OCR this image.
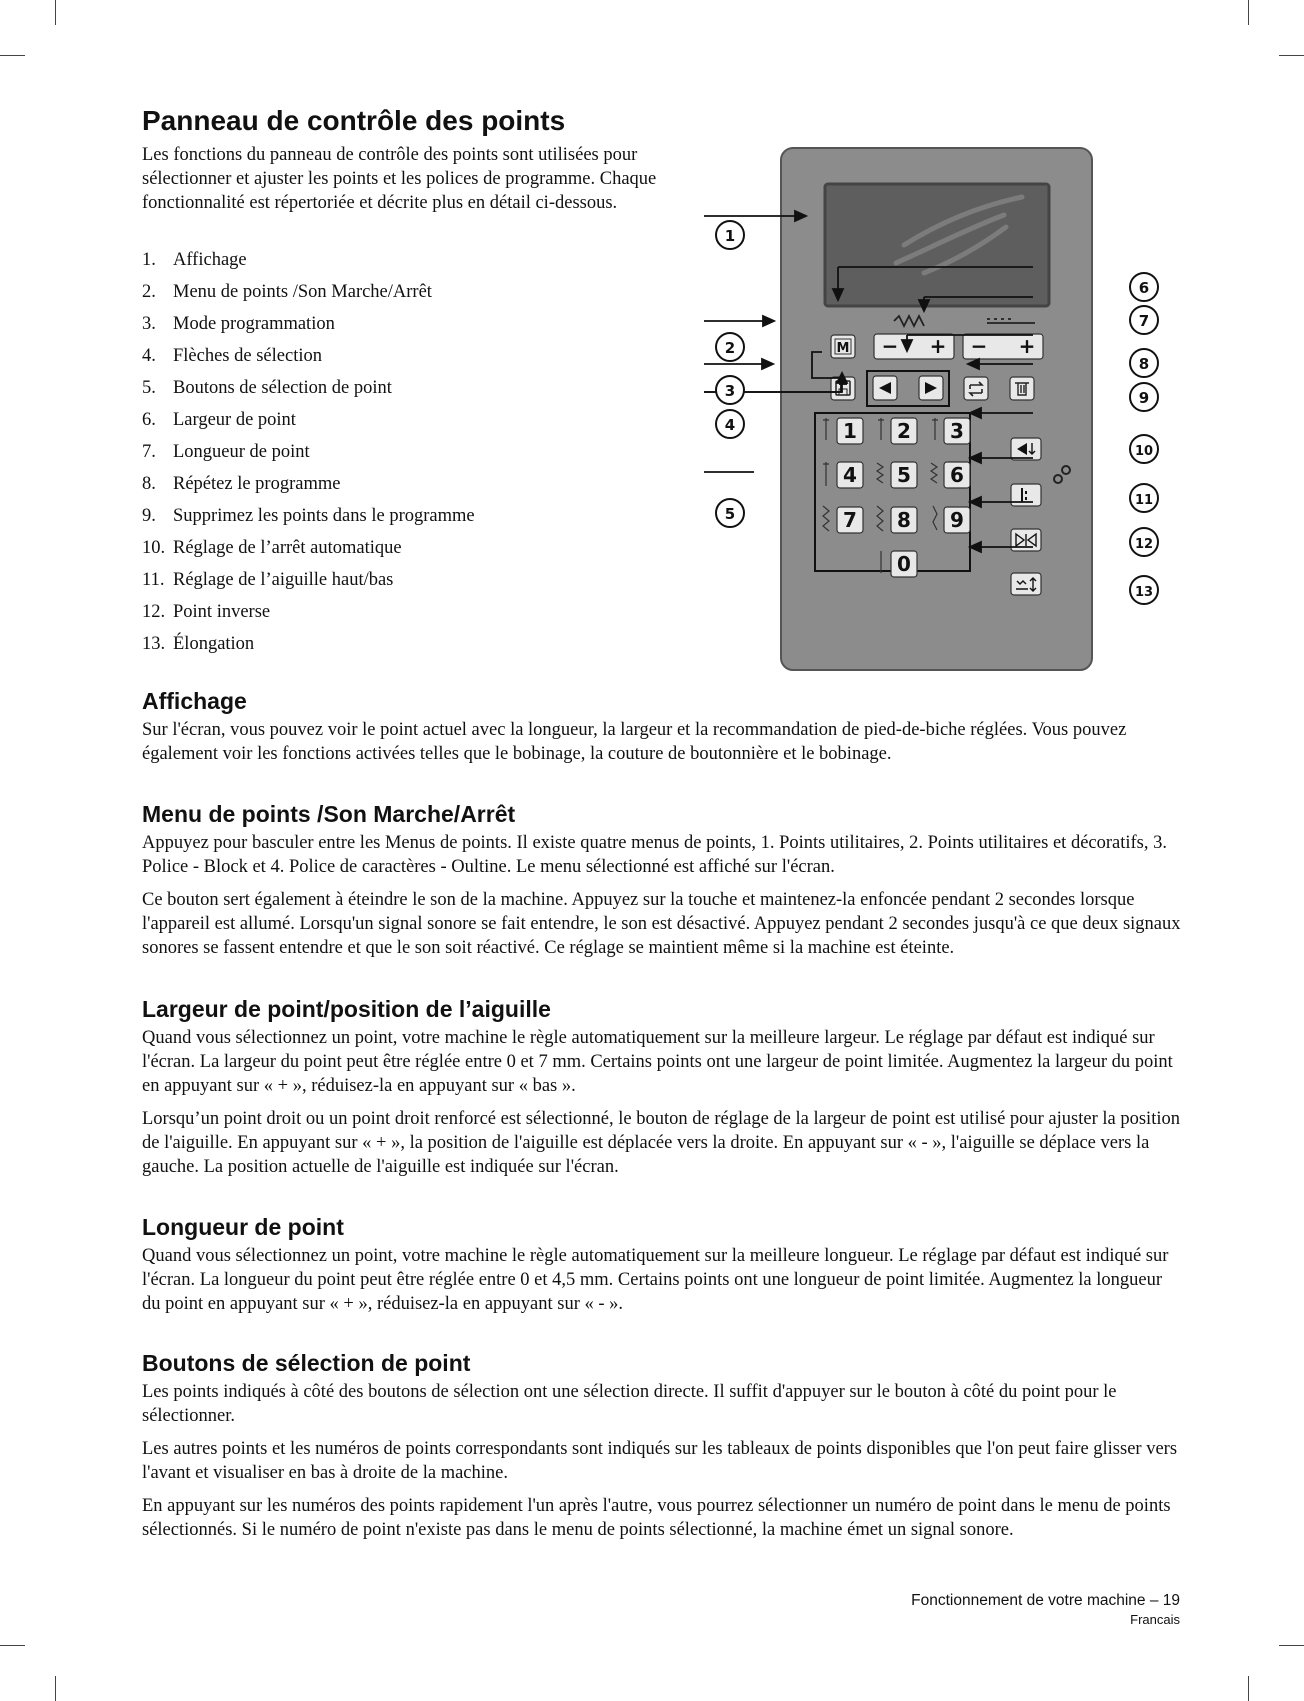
Panneau de contrôle des points

Les fonctions du panneau de contrôle des points sont utilisées pour sélectionner et ajuster les points et les polices de programme. Chaque fonctionnalité est répertoriée et décrite plus en détail ci-dessous.

1. Affichage
2. Menu de points /Son Marche/Arrêt
3. Mode programmation
4. Flèches de sélection
5. Boutons de sélection de point
6. Largeur de point
7. Longueur de point
8. Répétez le programme
9. Supprimez les points dans le programme
10. Réglage de l’arrêt automatique
11. Réglage de l’aiguille haut/bas
12. Point inverse
13. Élongation
M − + − +
1 2 3
4 5 6
7 8 9
0
1
2
3
4
5
6
7
8
9
10
11
12
13
Affichage

Sur l'écran, vous pouvez voir le point actuel avec la longueur, la largeur et la recommandation de pied-de-biche réglées. Vous pouvez également voir les fonctions activées telles que le bobinage, la couture de boutonnière et le bobinage.

Menu de points /Son Marche/Arrêt

Appuyez pour basculer entre les Menus de points. Il existe quatre menus de points, 1. Points utilitaires, 2. Points utilitaires et décoratifs, 3. Police - Block et 4. Police de caractères - Oultine. Le menu sélectionné est affiché sur l'écran.

Ce bouton sert également à éteindre le son de la machine. Appuyez sur la touche et maintenez-la enfoncée pendant 2 secondes lorsque l'appareil est allumé. Lorsqu'un signal sonore se fait entendre, le son est désactivé. Appuyez pendant 2 secondes jusqu'à ce que deux signaux sonores se fassent entendre et que le son soit réactivé. Ce réglage se maintient même si la machine est éteinte.

Largeur de point/position de l’aiguille

Quand vous sélectionnez un point, votre machine le règle automatiquement sur la meilleure largeur. Le réglage par défaut est indiqué sur l'écran. La largeur du point peut être réglée entre 0 et 7 mm. Certains points ont une largeur de point limitée. Augmentez la largeur du point en appuyant sur « + », réduisez-la en appuyant sur « bas ».

Lorsqu’un point droit ou un point droit renforcé est sélectionné, le bouton de réglage de la largeur de point est utilisé pour ajuster la position de l'aiguille. En appuyant sur « + », la position de l'aiguille est déplacée vers la droite. En appuyant sur « - », l'aiguille se déplace vers la gauche. La position actuelle de l'aiguille est indiquée sur l'écran.

Longueur de point

Quand vous sélectionnez un point, votre machine le règle automatiquement sur la meilleure longueur. Le réglage par défaut est indiqué sur l'écran. La longueur du point peut être réglée entre 0 et 4,5 mm. Certains points ont une longueur de point limitée. Augmentez la longueur du point en appuyant sur « + », réduisez-la en appuyant sur « - ».

Boutons de sélection de point

Les points indiqués à côté des boutons de sélection ont une sélection directe. Il suffit d'appuyer sur le bouton à côté du point pour le sélectionner.

Les autres points et les numéros de points correspondants sont indiqués sur les tableaux de points disponibles que l'on peut faire glisser vers l'avant et visualiser en bas à droite de la machine.

En appuyant sur les numéros des points rapidement l'un après l'autre, vous pourrez sélectionner un numéro de point dans le menu de points sélectionnés. Si le numéro de point n'existe pas dans le menu de points sélectionné, la machine émet un signal sonore.

Fonctionnement de votre machine – 19
Francais
